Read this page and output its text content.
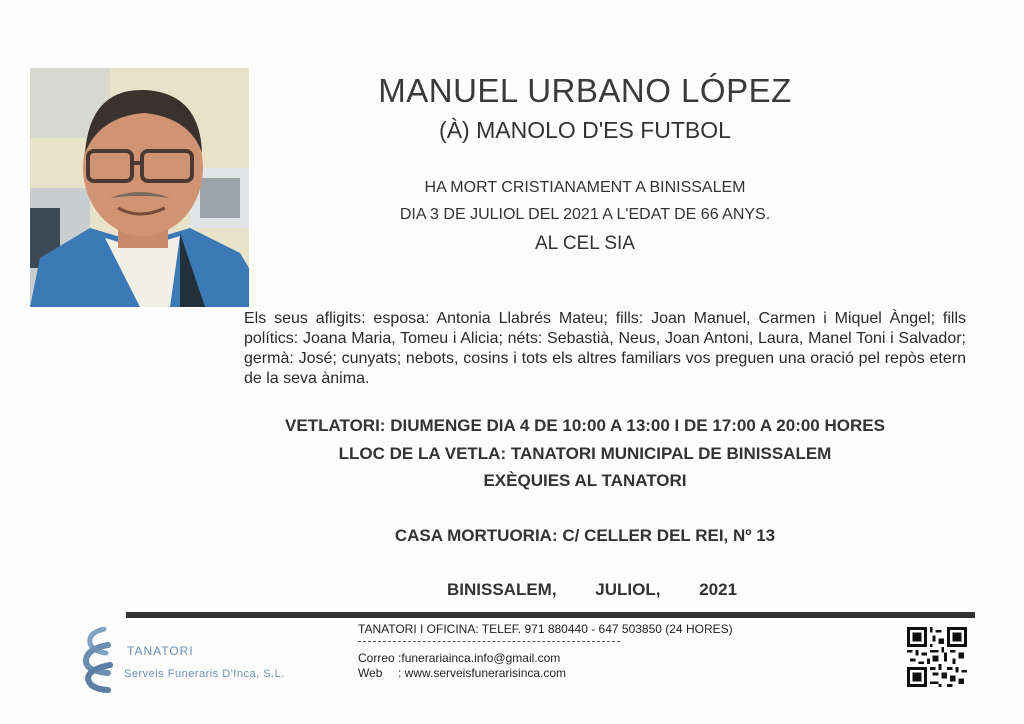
MANUEL URBANO LÓPEZ
(À) MANOLO D'ES FUTBOL
HA MORT CRISTIANAMENT A BINISSALEM
DIA 3 DE JULIOL DEL 2021 A L'EDAT DE 66 ANYS.
AL CEL SIA
Els seus afligits: esposa: Antonia Llabrés Mateu; fills: Joan Manuel, Carmen i Miquel Àngel; fills polítics: Joana Maria, Tomeu i Alicia; néts: Sebastià, Neus, Joan Antoni, Laura, Manel Toni i Salvador; germà: José; cunyats; nebots, cosins i tots els altres familiars vos preguen una oració pel repòs etern de la seva ànima.
VETLATORI: DIUMENGE DIA 4 DE 10:00 A 13:00 I DE 17:00 A 20:00 HORES
LLOC DE LA VETLA: TANATORI MUNICIPAL DE BINISSALEM
EXÈQUIES AL TANATORI
CASA MORTUORIA: C/ CELLER DEL REI, Nº 13
BINISSALEM, JULIOL, 2021
TANATORI
Serveis Funeraris D'Inca, S.L.
TANATORI I OFICINA: TELEF. 971 880440 - 647 503850 (24 HORES)
Correo :funerariainca.info@gmail.com
Web : www.serveisfunerarisinca.com
